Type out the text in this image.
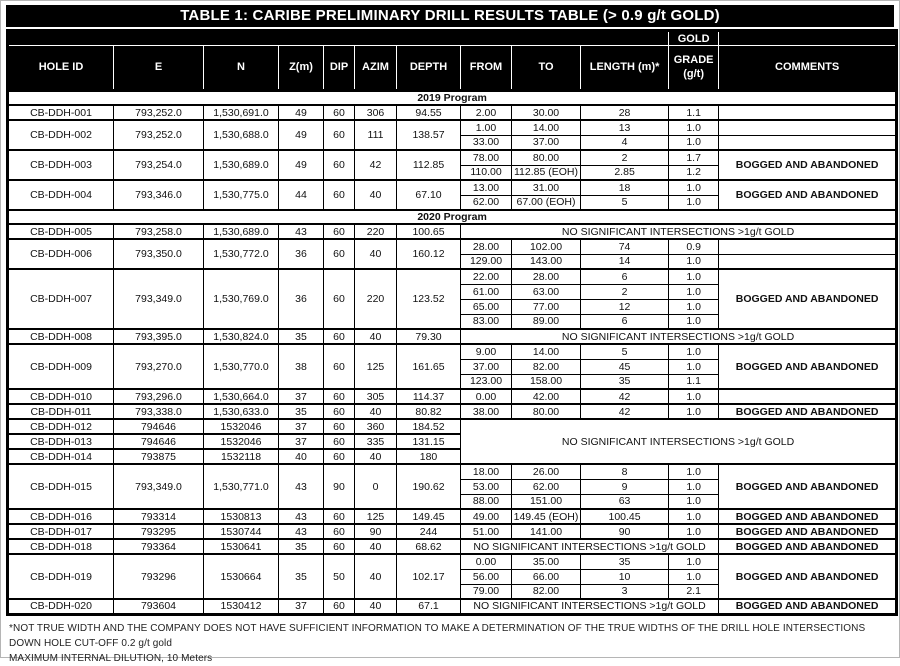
TABLE 1: CARIBE PRELIMINARY DRILL RESULTS TABLE (> 0.9 g/t GOLD)
										GOLD	
HOLE ID	E	N	Z(m)	DIP	AZIM	DEPTH	FROM	TO	LENGTH (m)*	GRADE (g/t)	COMMENTS
2019 Program											
CB-DDH-001	793,252.0	1,530,691.0	49	60	306	94.55	2.00	30.00	28	1.1	
CB-DDH-002	793,252.0	1,530,688.0	49	60	111	138.57	1.00	14.00	13	1.0	
							33.00	37.00	4	1.0	
CB-DDH-003	793,254.0	1,530,689.0	49	60	42	112.85	78.00	80.00	2	1.7	BOGGED AND ABANDONED
							110.00	112.85 (EOH)	2.85	1.2	
CB-DDH-004	793,346.0	1,530,775.0	44	60	40	67.10	13.00	31.00	18	1.0	BOGGED AND ABANDONED
							62.00	67.00 (EOH)	5	1.0	
2020 Program											
CB-DDH-005	793,258.0	1,530,689.0	43	60	220	100.65	NO SIGNIFICANT INTERSECTIONS >1g/t GOLD				
CB-DDH-006	793,350.0	1,530,772.0	36	60	40	160.12	28.00	102.00	74	0.9	
							129.00	143.00	14	1.0	
CB-DDH-007	793,349.0	1,530,769.0	36	60	220	123.52	22.00	28.00	6	1.0	BOGGED AND ABANDONED
							61.00	63.00	2	1.0	
							65.00	77.00	12	1.0	
							83.00	89.00	6	1.0	
CB-DDH-008	793,395.0	1,530,824.0	35	60	40	79.30	NO SIGNIFICANT INTERSECTIONS >1g/t GOLD				
CB-DDH-009	793,270.0	1,530,770.0	38	60	125	161.65	9.00	14.00	5	1.0	BOGGED AND ABANDONED
							37.00	82.00	45	1.0	
							123.00	158.00	35	1.1	
CB-DDH-010	793,296.0	1,530,664.0	37	60	305	114.37	0.00	42.00	42	1.0	
CB-DDH-011	793,338.0	1,530,633.0	35	60	40	80.82	38.00	80.00	42	1.0	BOGGED AND ABANDONED
CB-DDH-012	794646	1532046	37	60	360	184.52	NO SIGNIFICANT INTERSECTIONS >1g/t GOLD				
CB-DDH-013	794646	1532046	37	60	335	131.15					
CB-DDH-014	793875	1532118	40	60	40	180					
CB-DDH-015	793,349.0	1,530,771.0	43	90	0	190.62	18.00	26.00	8	1.0	BOGGED AND ABANDONED
							53.00	62.00	9	1.0	
							88.00	151.00	63	1.0	
CB-DDH-016	793314	1530813	43	60	125	149.45	49.00	149.45 (EOH)	100.45	1.0	BOGGED AND ABANDONED
CB-DDH-017	793295	1530744	43	60	90	244	51.00	141.00	90	1.0	BOGGED AND ABANDONED
CB-DDH-018	793364	1530641	35	60	40	68.62	NO SIGNIFICANT INTERSECTIONS >1g/t GOLD				BOGGED AND ABANDONED
CB-DDH-019	793296	1530664	35	50	40	102.17	0.00	35.00	35	1.0	BOGGED AND ABANDONED
							56.00	66.00	10	1.0	
							79.00	82.00	3	2.1	
CB-DDH-020	793604	1530412	37	60	40	67.1	NO SIGNIFICANT INTERSECTIONS >1g/t GOLD				BOGGED AND ABANDONED
*NOT TRUE WIDTH AND THE COMPANY DOES NOT HAVE SUFFICIENT INFORMATION TO MAKE A DETERMINATION OF THE TRUE WIDTHS OF THE DRILL HOLE INTERSECTIONS
DOWN HOLE CUT-OFF 0.2 g/t gold
MAXIMUM INTERNAL DILUTION, 10 Meters
